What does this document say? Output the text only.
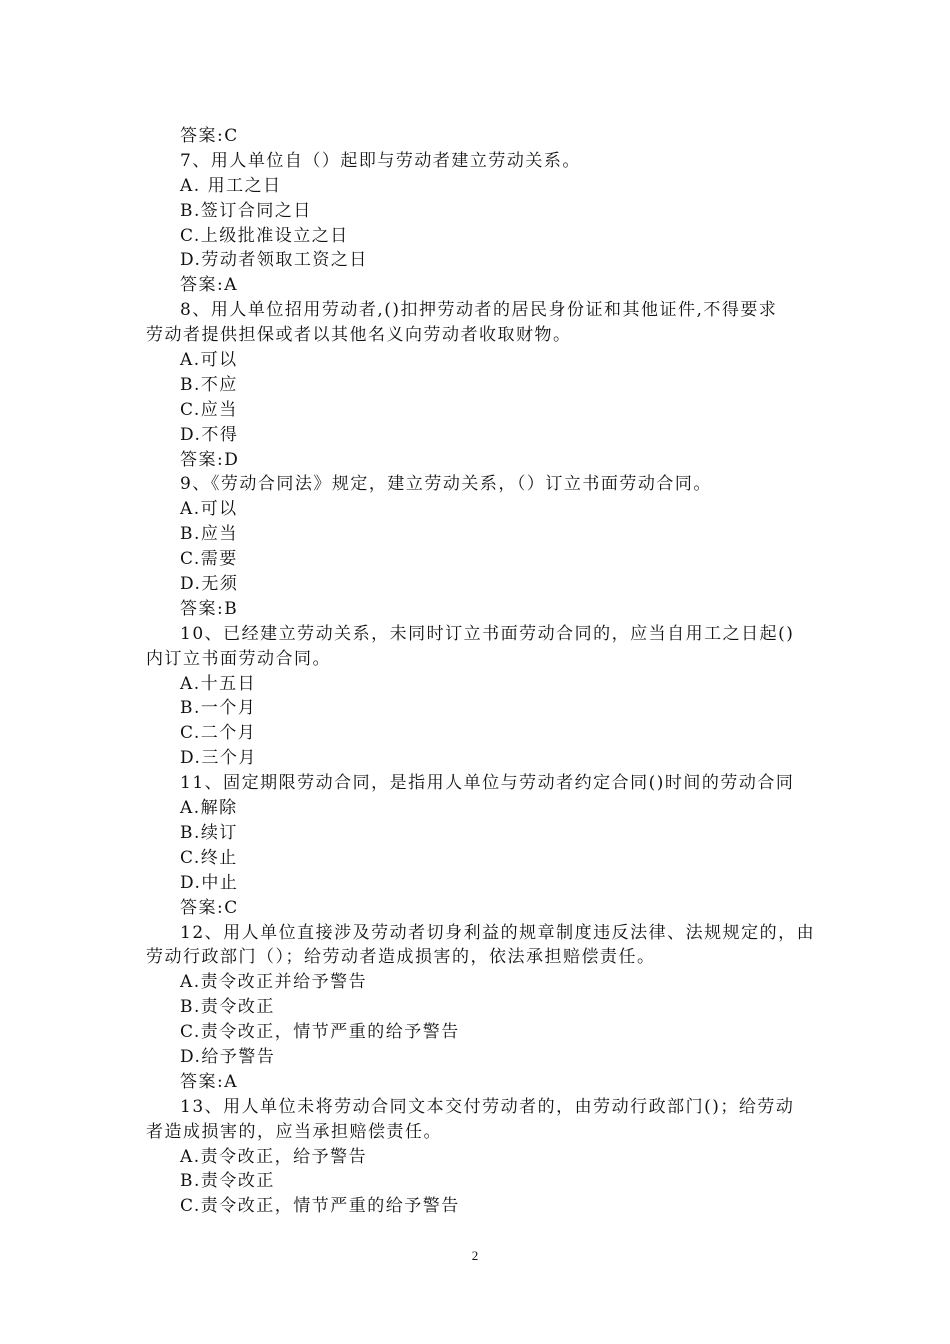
答案:C
7、用人单位自（）起即与劳动者建立劳动关系。
A. 用工之日
B.签订合同之日
C.上级批准设立之日
D.劳动者领取工资之日
答案:A
8、用人单位招用劳动者,()扣押劳动者的居民身份证和其他证件,不得要求
劳动者提供担保或者以其他名义向劳动者收取财物。
A.可以
B.不应
C.应当
D.不得
答案:D
9、《劳动合同法》规定，建立劳动关系，（）订立书面劳动合同。
A.可以
B.应当
C.需要
D.无须
答案:B
10、已经建立劳动关系，未同时订立书面劳动合同的，应当自用工之日起()
内订立书面劳动合同。
A.十五日
B.一个月
C.二个月
D.三个月
11、固定期限劳动合同，是指用人单位与劳动者约定合同()时间的劳动合同
A.解除
B.续订
C.终止
D.中止
答案:C
12、用人单位直接涉及劳动者切身利益的规章制度违反法律、法规规定的，由
劳动行政部门（）；给劳动者造成损害的，依法承担赔偿责任。
A.责令改正并给予警告
B.责令改正
C.责令改正，情节严重的给予警告
D.给予警告
答案:A
13、用人单位未将劳动合同文本交付劳动者的，由劳动行政部门()；给劳动
者造成损害的，应当承担赔偿责任。
A.责令改正，给予警告
B.责令改正
C.责令改正，情节严重的给予警告
2
